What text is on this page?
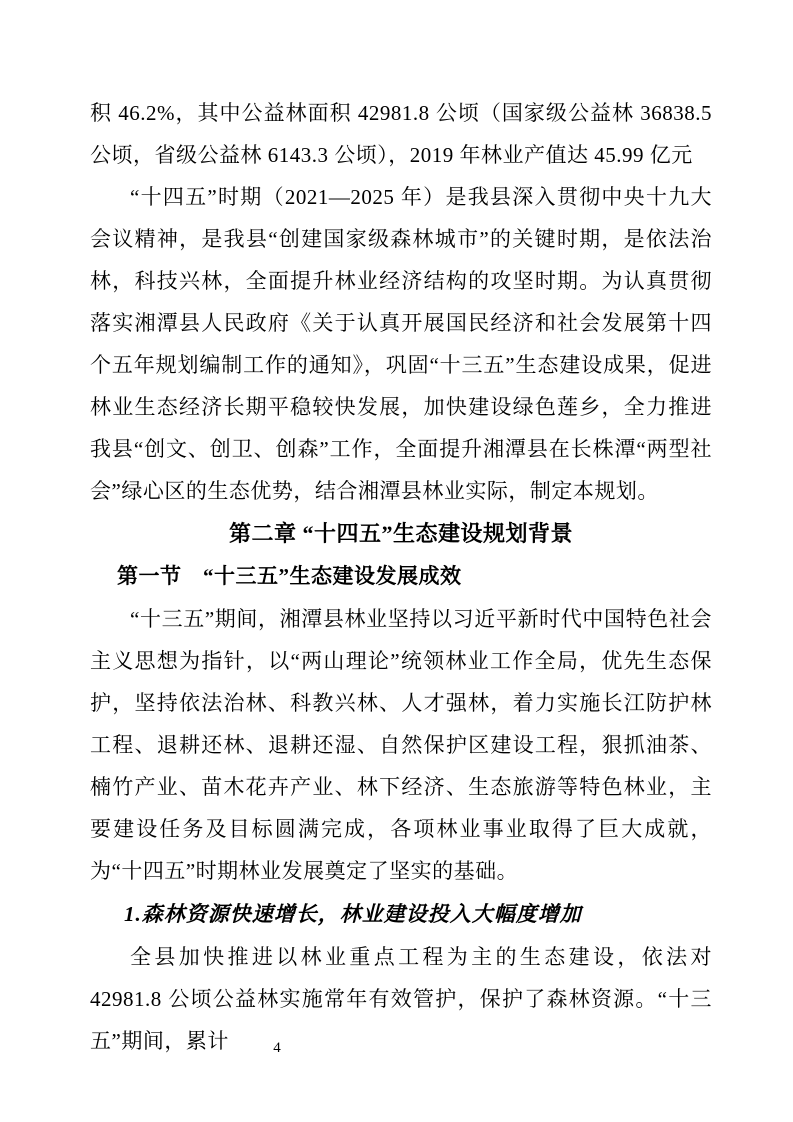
积 46.2%，其中公益林面积 42981.8 公顷（国家级公益林 36838.5 公顷，省级公益林 6143.3 公顷），2019 年林业产值达 45.99 亿元

“十四五”时期（2021—2025 年）是我县深入贯彻中央十九大会议精神，是我县“创建国家级森林城市”的关键时期，是依法治林，科技兴林，全面提升林业经济结构的攻坚时期。为认真贯彻落实湘潭县人民政府《关于认真开展国民经济和社会发展第十四个五年规划编制工作的通知》，巩固“十三五”生态建设成果，促进林业生态经济长期平稳较快发展，加快建设绿色莲乡，全力推进我县“创文、创卫、创森”工作，全面提升湘潭县在长株潭“两型社会”绿心区的生态优势，结合湘潭县林业实际，制定本规划。

第二章 “十四五”生态建设规划背景
第一节　“十三五”生态建设发展成效

“十三五”期间，湘潭县林业坚持以习近平新时代中国特色社会主义思想为指针，以“两山理论”统领林业工作全局，优先生态保护，坚持依法治林、科教兴林、人才强林，着力实施长江防护林工程、退耕还林、退耕还湿、自然保护区建设工程，狠抓油茶、楠竹产业、苗木花卉产业、林下经济、生态旅游等特色林业，主要建设任务及目标圆满完成，各项林业事业取得了巨大成就，为“十四五”时期林业发展奠定了坚实的基础。

1.森林资源快速增长，林业建设投入大幅度增加

全县加快推进以林业重点工程为主的生态建设，依法对 42981.8 公顷公益林实施常年有效管护，保护了森林资源。“十三五”期间，累计	4
